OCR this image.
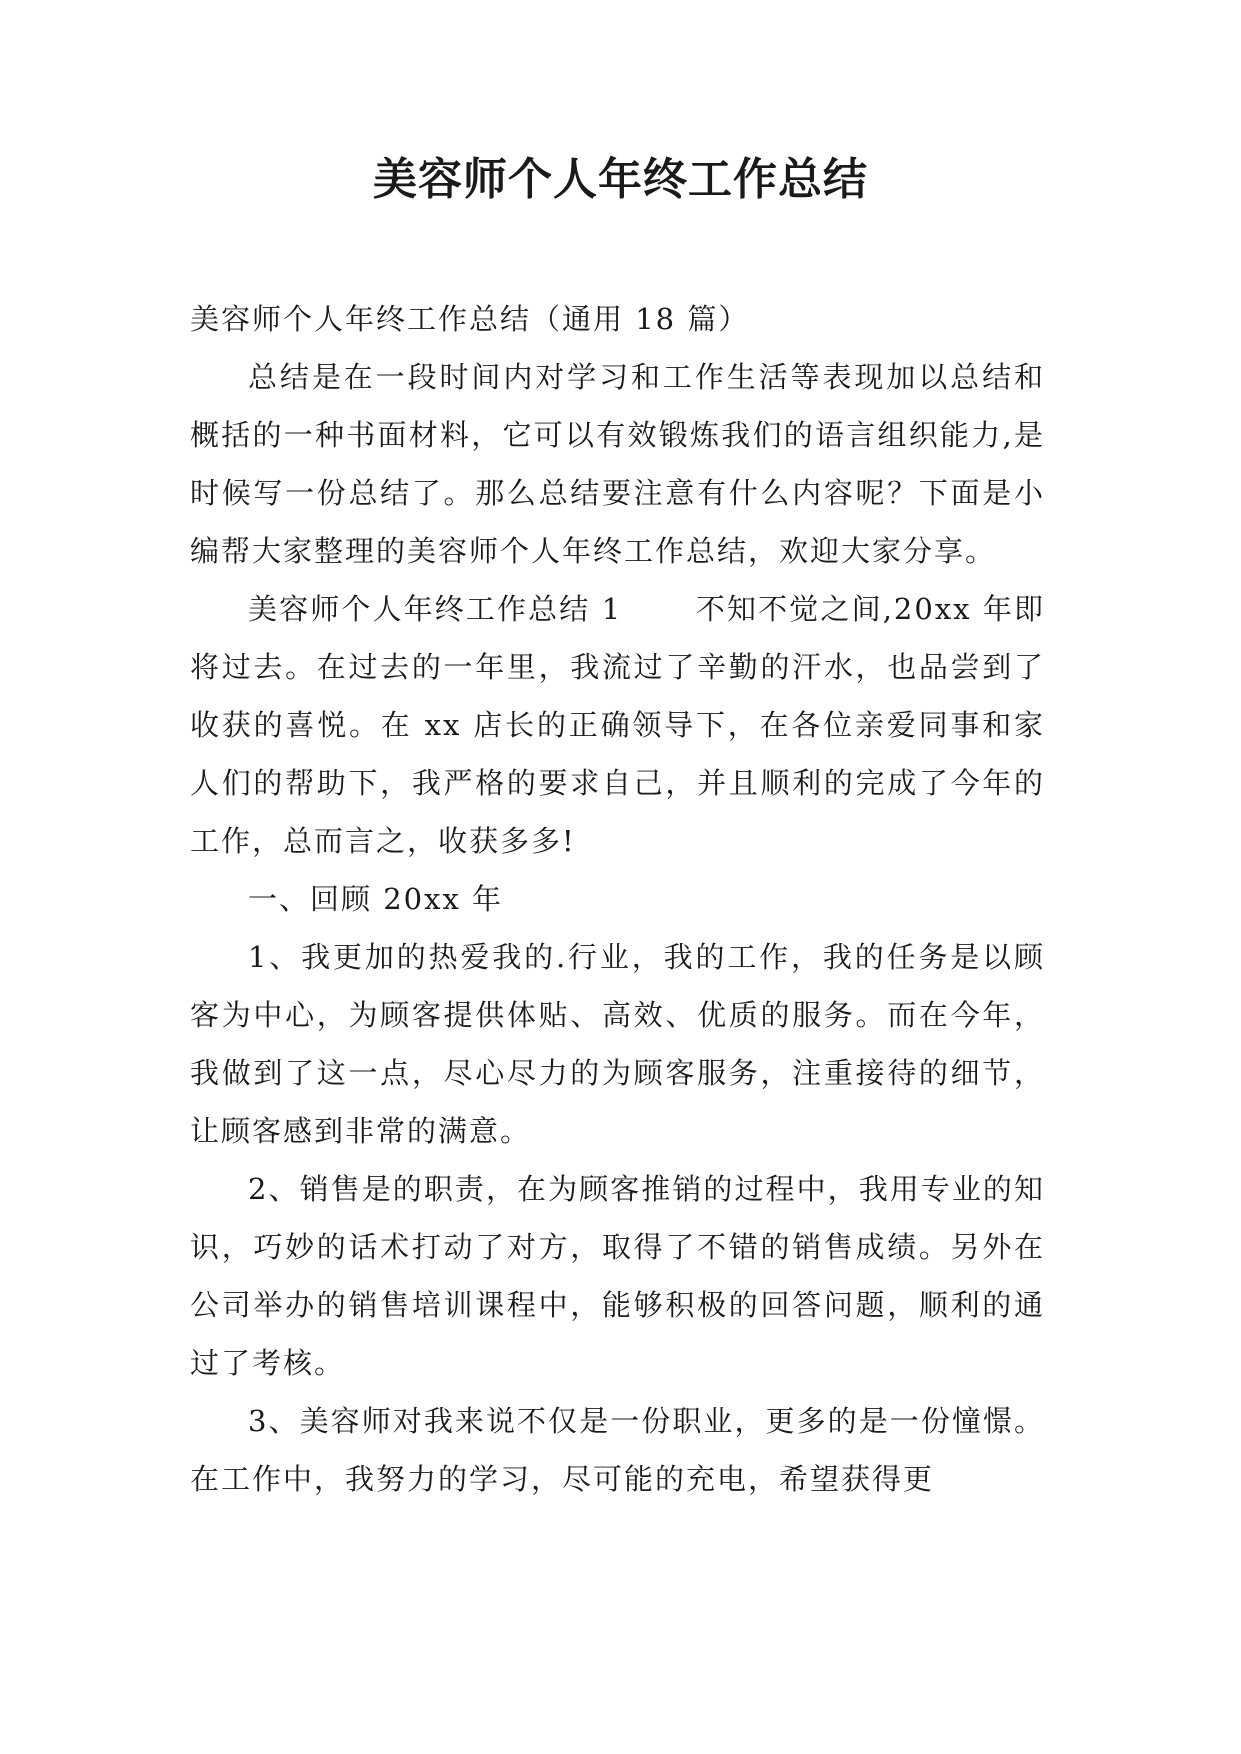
美容师个人年终工作总结

美容师个人年终工作总结（通用 18 篇）

总结是在一段时间内对学习和工作生活等表现加以总结和概括的一种书面材料，它可以有效锻炼我们的语言组织能力,是时候写一份总结了。那么总结要注意有什么内容呢？下面是小编帮大家整理的美容师个人年终工作总结，欢迎大家分享。

美容师个人年终工作总结 1　　 不知不觉之间,20xx 年即将过去。在过去的一年里，我流过了辛勤的汗水，也品尝到了收获的喜悦。在 xx 店长的正确领导下，在各位亲爱同事和家人们的帮助下，我严格的要求自己，并且顺利的完成了今年的工作，总而言之，收获多多!

一、回顾 20xx 年

1、我更加的热爱我的.行业，我的工作，我的任务是以顾客为中心，为顾客提供体贴、高效、优质的服务。而在今年，我做到了这一点，尽心尽力的为顾客服务，注重接待的细节，让顾客感到非常的满意。

2、销售是的职责，在为顾客推销的过程中，我用专业的知识，巧妙的话术打动了对方，取得了不错的销售成绩。另外在公司举办的销售培训课程中，能够积极的回答问题，顺利的通过了考核。

3、美容师对我来说不仅是一份职业，更多的是一份憧憬。在工作中，我努力的学习，尽可能的充电，希望获得更
